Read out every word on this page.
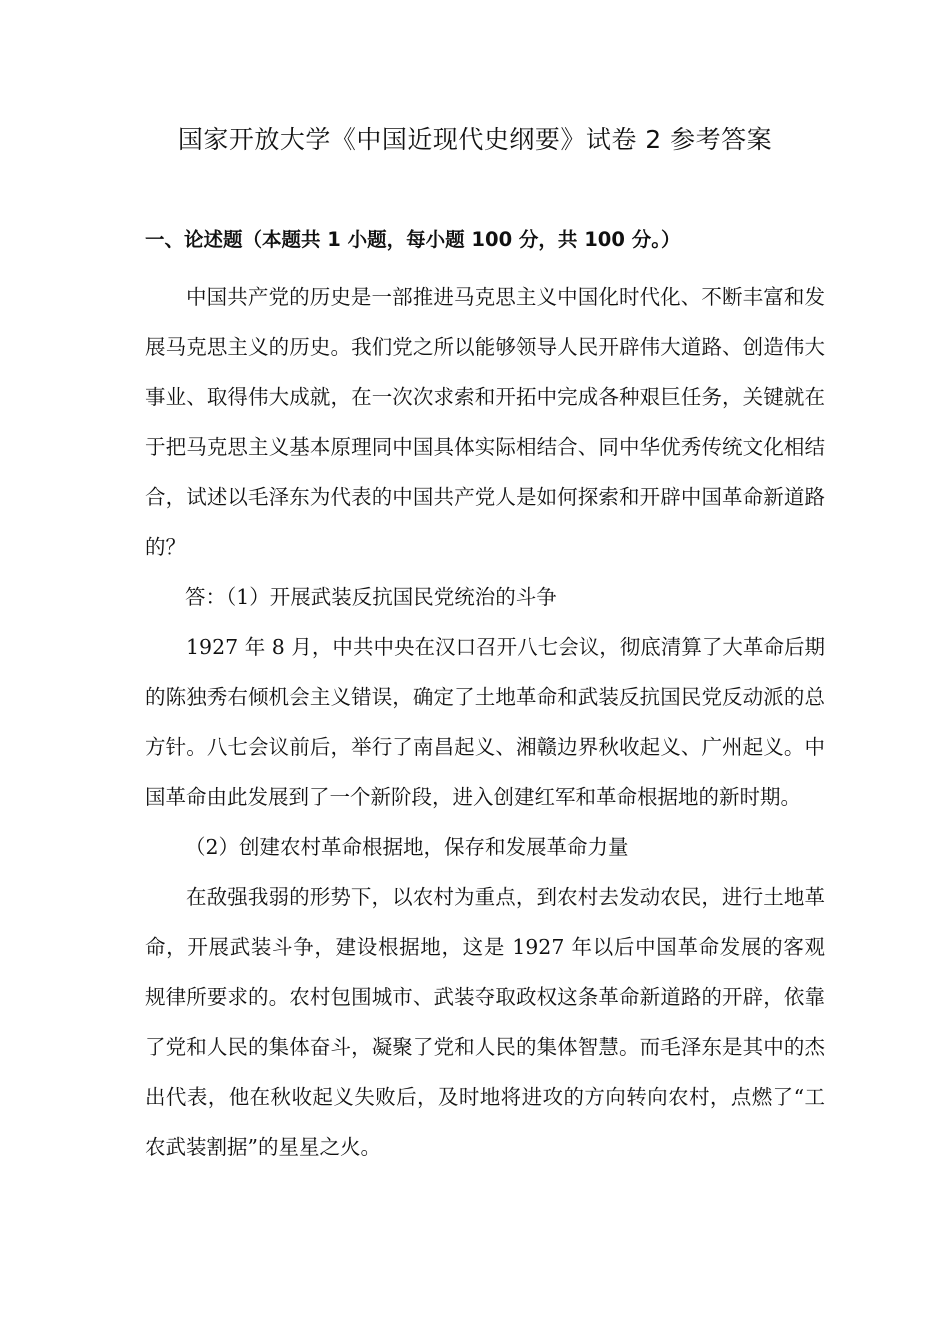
国家开放大学《中国近现代史纲要》试卷 2 参考答案
一、论述题（本题共 1 小题，每小题 100 分，共 100 分。）

中国共产党的历史是一部推进马克思主义中国化时代化、不断丰富和发展马克思主义的历史。我们党之所以能够领导人民开辟伟大道路、创造伟大事业、取得伟大成就，在一次次求索和开拓中完成各种艰巨任务，关键就在于把马克思主义基本原理同中国具体实际相结合、同中华优秀传统文化相结合，试述以毛泽东为代表的中国共产党人是如何探索和开辟中国革命新道路的？

答：（1）开展武装反抗国民党统治的斗争

1927 年 8 月，中共中央在汉口召开八七会议，彻底清算了大革命后期的陈独秀右倾机会主义错误，确定了土地革命和武装反抗国民党反动派的总方针。八七会议前后，举行了南昌起义、湘赣边界秋收起义、广州起义。中国革命由此发展到了一个新阶段，进入创建红军和革命根据地的新时期。

（2）创建农村革命根据地，保存和发展革命力量

在敌强我弱的形势下，以农村为重点，到农村去发动农民，进行土地革命，开展武装斗争，建设根据地，这是 1927 年以后中国革命发展的客观规律所要求的。农村包围城市、武装夺取政权这条革命新道路的开辟，依靠了党和人民的集体奋斗，凝聚了党和人民的集体智慧。而毛泽东是其中的杰出代表，他在秋收起义失败后，及时地将进攻的方向转向农村，点燃了“工农武装割据”的星星之火。
